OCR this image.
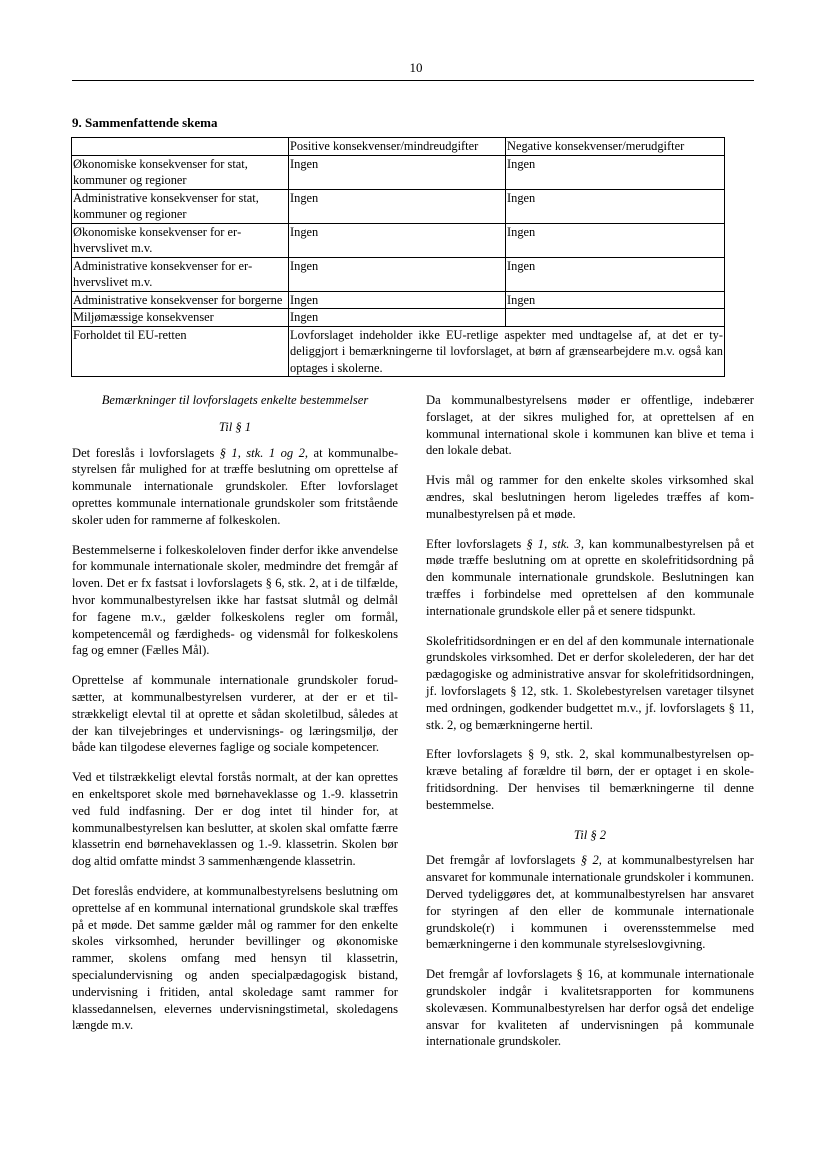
10
9. Sammenfattende skema
	Positive konsekvenser/mindreudgifter	Negative konsekvenser/merudgifter
Økonomiske konsekvenser for stat, kommuner og regioner	Ingen	Ingen
Administrative konsekvenser for stat, kommuner og regioner	Ingen	Ingen
Økonomiske konsekvenser for erhvervslivet m.v.	Ingen	Ingen
Administrative konsekvenser for erhvervslivet m.v.	Ingen	Ingen
Administrative konsekvenser for borgerne	Ingen	Ingen
Miljømæssige konsekvenser	Ingen	
Forholdet til EU-retten	Lovforslaget indeholder ikke EU-retlige aspekter med undtagelse af, at det er tydeliggjort i bemærkningerne til lovforslaget, at børn af grænsearbejdere m.v. også kan optages i skolerne.	

Bemærkninger til lovforslagets enkelte bestemmelser

Til § 1

Det foreslås i lovforslagets § 1, stk. 1 og 2, at kommunalbestyrelsen får mulighed for at træffe beslutning om oprettelse af kommunale internationale grundskoler. Efter lovforslaget oprettes kommunale internationale grundskoler som fritstående skoler uden for rammerne af folkeskolen.

Bestemmelserne i folkeskoleloven finder derfor ikke anvendelse for kommunale internationale skoler, medmindre det fremgår af loven. Det er fx fastsat i lovforslagets § 6, stk. 2, at i de tilfælde, hvor kommunalbestyrelsen ikke har fastsat slutmål og delmål for fagene m.v., gælder folkeskolens regler om formål, kompetencemål og færdigheds- og vidensmål for folkeskolens fag og emner (Fælles Mål).

Oprettelse af kommunale internationale grundskoler forudsætter, at kommunalbestyrelsen vurderer, at der er et tilstrækkeligt elevtal til at oprette et sådan skoletilbud, således at der kan tilvejebringes et undervisnings- og læringsmiljø, der både kan tilgodese elevernes faglige og sociale kompetencer.

Ved et tilstrækkeligt elevtal forstås normalt, at der kan oprettes en enkeltsporet skole med børnehaveklasse og 1.-9. klassetrin ved fuld indfasning. Der er dog intet til hinder for, at kommunalbestyrelsen kan beslutter, at skolen skal omfatte færre klassetrin end børnehaveklassen og 1.-9. klassetrin. Skolen bør dog altid omfatte mindst 3 sammenhængende klassetrin.

Det foreslås endvidere, at kommunalbestyrelsens beslutning om oprettelse af en kommunal international grundskole skal træffes på et møde. Det samme gælder mål og rammer for den enkelte skoles virksomhed, herunder bevillinger og økonomiske rammer, skolens omfang med hensyn til klassetrin, specialundervisning og anden specialpædagogisk bistand, undervisning i fritiden, antal skoledage samt rammer for klassedannelsen, elevernes undervisningstimetal, skoledagens længde m.v.

Da kommunalbestyrelsens møder er offentlige, indebærer forslaget, at der sikres mulighed for, at oprettelsen af en kommunal international skole i kommunen kan blive et tema i den lokale debat.

Hvis mål og rammer for den enkelte skoles virksomhed skal ændres, skal beslutningen herom ligeledes træffes af kommunalbestyrelsen på et møde.

Efter lovforslagets § 1, stk. 3, kan kommunalbestyrelsen på et møde træffe beslutning om at oprette en skolefritidsordning på den kommunale internationale grundskole. Beslutningen kan træffes i forbindelse med oprettelsen af den kommunale internationale grundskole eller på et senere tidspunkt.

Skolefritidsordningen er en del af den kommunale internationale grundskoles virksomhed. Det er derfor skolelederen, der har det pædagogiske og administrative ansvar for skolefritidsordningen, jf. lovforslagets § 12, stk. 1. Skolebestyrelsen varetager tilsynet med ordningen, godkender budgettet m.v., jf. lovforslagets § 11, stk. 2, og bemærkningerne hertil.

Efter lovforslagets § 9, stk. 2, skal kommunalbestyrelsen opkræve betaling af forældre til børn, der er optaget i en skolefritidsordning. Der henvises til bemærkningerne til denne bestemmelse.

Til § 2

Det fremgår af lovforslagets § 2, at kommunalbestyrelsen har ansvaret for kommunale internationale grundskoler i kommunen. Derved tydeliggøres det, at kommunalbestyrelsen har ansvaret for styringen af den eller de kommunale internationale grundskole(r) i kommunen i overensstemmelse med bemærkningerne i den kommunale styrelseslovgivning.

Det fremgår af lovforslagets § 16, at kommunale internationale grundskoler indgår i kvalitetsrapporten for kommunens skolevæsen. Kommunalbestyrelsen har derfor også det endelige ansvar for kvaliteten af undervisningen på kommunale internationale grundskoler.
